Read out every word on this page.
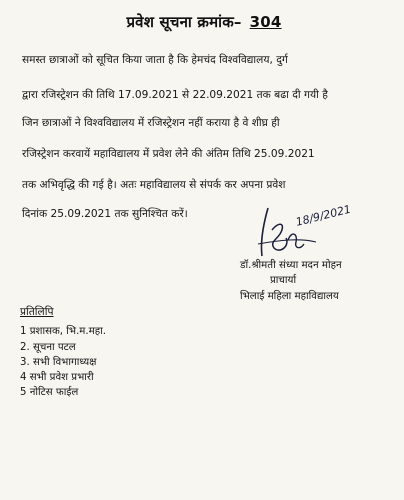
प्रवेश सूचना क्रमांक– 304
समस्त छात्राओं को सूचित किया जाता है कि हेमचंद विश्वविद्यालय, दुर्ग
द्वारा रजिस्ट्रेशन की तिथि 17.09.2021 से 22.09.2021 तक बढा दी गयी है
जिन छात्राओं ने विश्वविद्यालय में रजिस्ट्रेशन नहीं कराया है वे शीघ्र ही
रजिस्ट्रेशन करवायें महाविद्यालय में प्रवेश लेने की अंतिम तिथि 25.09.2021
तक अभिवृद्धि की गई है। अतः महाविद्यालय से संपर्क कर अपना प्रवेश
दिनांक 25.09.2021 तक सुनिश्चित करें।	18/9/2021
डॉ.श्रीमती संध्या मदन मोहन
प्राचार्या
भिलाई महिला महाविद्यालय
प्रतिलिपि
1 प्रशासक, भि.म.महा.
2. सूचना पटल
3. सभी विभागाध्यक्ष
4 सभी प्रवेश प्रभारी
5 नोटिस फाईल
